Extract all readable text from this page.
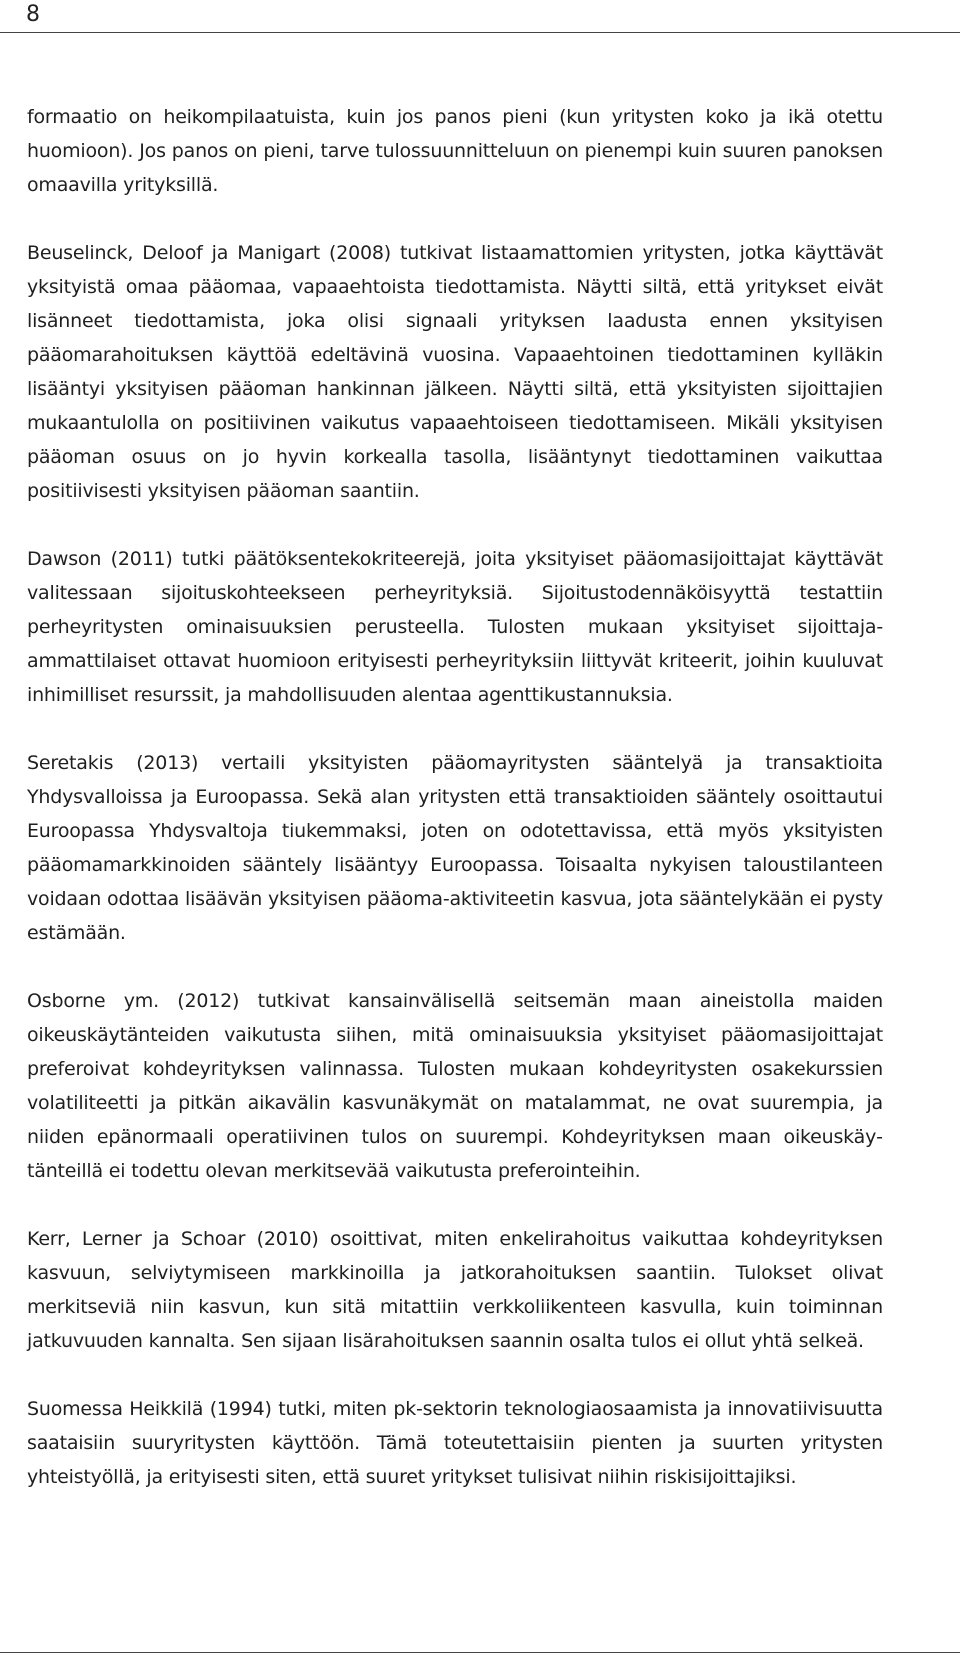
8

formaatio on heikompilaatuista, kuin jos panos pieni (kun yritysten koko ja ikä otettu huomioon). Jos panos on pieni, tarve tulossuunnitteluun on pienempi kuin suuren panoksen omaavilla yrityksillä.

Beuselinck, Deloof ja Manigart (2008) tutkivat listaamattomien yritysten, jotka käyttävät yksityistä omaa pääomaa, vapaaehtoista tiedottamista. Näytti siltä, että yritykset eivät lisänneet tiedottamista, joka olisi signaali yrityksen laadusta ennen yksityisen pääomarahoituksen käyttöä edeltävinä vuosina. Vapaaehtoinen tiedottaminen kylläkin lisääntyi yksityisen pääoman hankinnan jälkeen. Näytti siltä, että yksityisten sijoittajien mukaantulolla on positiivinen vaikutus vapaaehtoiseen tiedottamiseen. Mikäli yksityisen pääoman osuus on jo hyvin korkealla tasolla, lisääntynyt tiedottaminen vaikuttaa positiivisesti yksityisen pääoman saantiin.

Dawson (2011) tutki päätöksentekokriteerejä, joita yksityiset pääomasijoittajat käyttävät valitessaan sijoituskohteekseen perheyrityksiä. Sijoitustodennäköisyyttä testattiin perheyritysten ominaisuuksien perusteella. Tulosten mukaan yksityiset sijoittaja-ammattilaiset ottavat huomioon erityisesti perheyrityksiin liittyvät kriteerit, joihin kuuluvat inhimilliset resurssit, ja mahdollisuuden alentaa agenttikustannuksia.

Seretakis (2013) vertaili yksityisten pääomayritysten sääntelyä ja transaktioita Yhdysvalloissa ja Euroopassa. Sekä alan yritysten että transaktioiden sääntely osoittautui Euroopassa Yhdysvaltoja tiukemmaksi, joten on odotettavissa, että myös yksityisten pääomamarkkinoiden sääntely lisääntyy Euroopassa. Toisaalta nykyisen taloustilanteen voidaan odottaa lisäävän yksityisen pääoma-aktiviteetin kasvua, jota sääntelykään ei pysty estämään.

Osborne ym. (2012) tutkivat kansainvälisellä seitsemän maan aineistolla maiden oikeuskäytänteiden vaikutusta siihen, mitä ominaisuuksia yksityiset pääomasijoittajat preferoivat kohdeyrityksen valinnassa. Tulosten mukaan kohdeyritysten osakekurssien volatiliteetti ja pitkän aikavälin kasvunäkymät on matalammat, ne ovat suurempia, ja niiden epänormaali operatiivinen tulos on suurempi. Kohdeyrityksen maan oikeuskäytänteillä ei todettu olevan merkitsevää vaikutusta preferointeihin.

Kerr, Lerner ja Schoar (2010) osoittivat, miten enkelirahoitus vaikuttaa kohdeyrityksen kasvuun, selviytymiseen markkinoilla ja jatkorahoituksen saantiin. Tulokset olivat merkitseviä niin kasvun, kun sitä mitattiin verkkoliikenteen kasvulla, kuin toiminnan jatkuvuuden kannalta. Sen sijaan lisärahoituksen saannin osalta tulos ei ollut yhtä selkeä.

Suomessa Heikkilä (1994) tutki, miten pk-sektorin teknologiaosaamista ja innovatiivisuutta saataisiin suuryritysten käyttöön. Tämä toteutettaisiin pienten ja suurten yritysten yhteistyöllä, ja erityisesti siten, että suuret yritykset tulisivat niihin riskisijoittajiksi.
